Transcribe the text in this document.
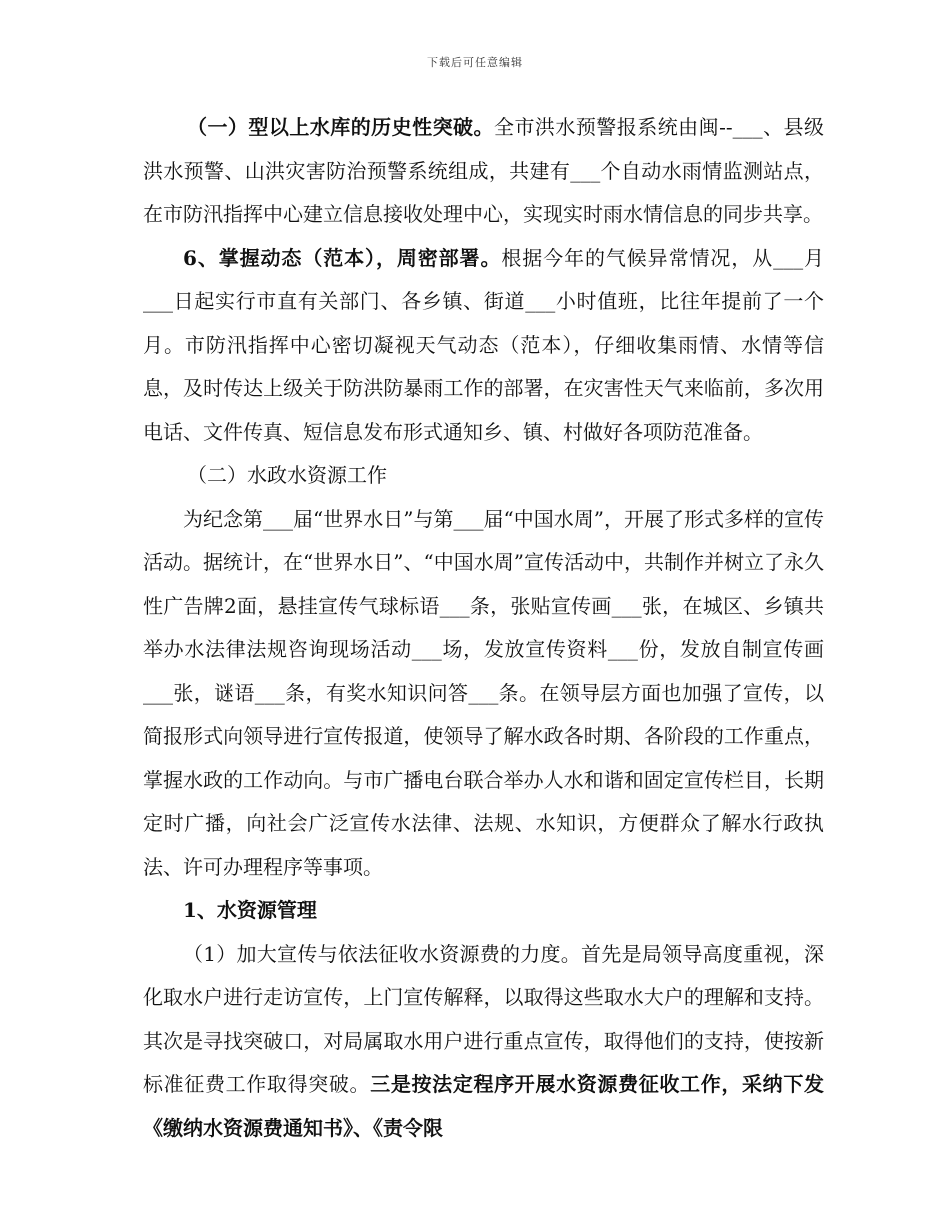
下载后可任意编辑

（一）型以上水库的历史性突破。全市洪水预警报系统由闽--___、县级洪水预警、山洪灾害防治预警系统组成，共建有___个自动水雨情监测站点，在市防汛指挥中心建立信息接收处理中心，实现实时雨水情信息的同步共享。

6、掌握动态（范本），周密部署。根据今年的气候异常情况，从___月___日起实行市直有关部门、各乡镇、街道___小时值班，比往年提前了一个月。市防汛指挥中心密切凝视天气动态（范本），仔细收集雨情、水情等信息，及时传达上级关于防洪防暴雨工作的部署，在灾害性天气来临前，多次用电话、文件传真、短信息发布形式通知乡、镇、村做好各项防范准备。

（二）水政水资源工作

为纪念第___届“世界水日”与第___届“中国水周”，开展了形式多样的宣传活动。据统计，在“世界水日”、“中国水周”宣传活动中，共制作并树立了永久性广告牌2面，悬挂宣传气球标语___条，张贴宣传画___张，在城区、乡镇共举办水法律法规咨询现场活动___场，发放宣传资料___份，发放自制宣传画___张，谜语___条，有奖水知识问答___条。在领导层方面也加强了宣传，以简报形式向领导进行宣传报道，使领导了解水政各时期、各阶段的工作重点，掌握水政的工作动向。与市广播电台联合举办人水和谐和固定宣传栏目，长期定时广播，向社会广泛宣传水法律、法规、水知识，方便群众了解水行政执法、许可办理程序等事项。

1、水资源管理

（1）加大宣传与依法征收水资源费的力度。首先是局领导高度重视，深化取水户进行走访宣传，上门宣传解释，以取得这些取水大户的理解和支持。其次是寻找突破口，对局属取水用户进行重点宣传，取得他们的支持，使按新标准征费工作取得突破。三是按法定程序开展水资源费征收工作，采纳下发《缴纳水资源费通知书》、《责令限
